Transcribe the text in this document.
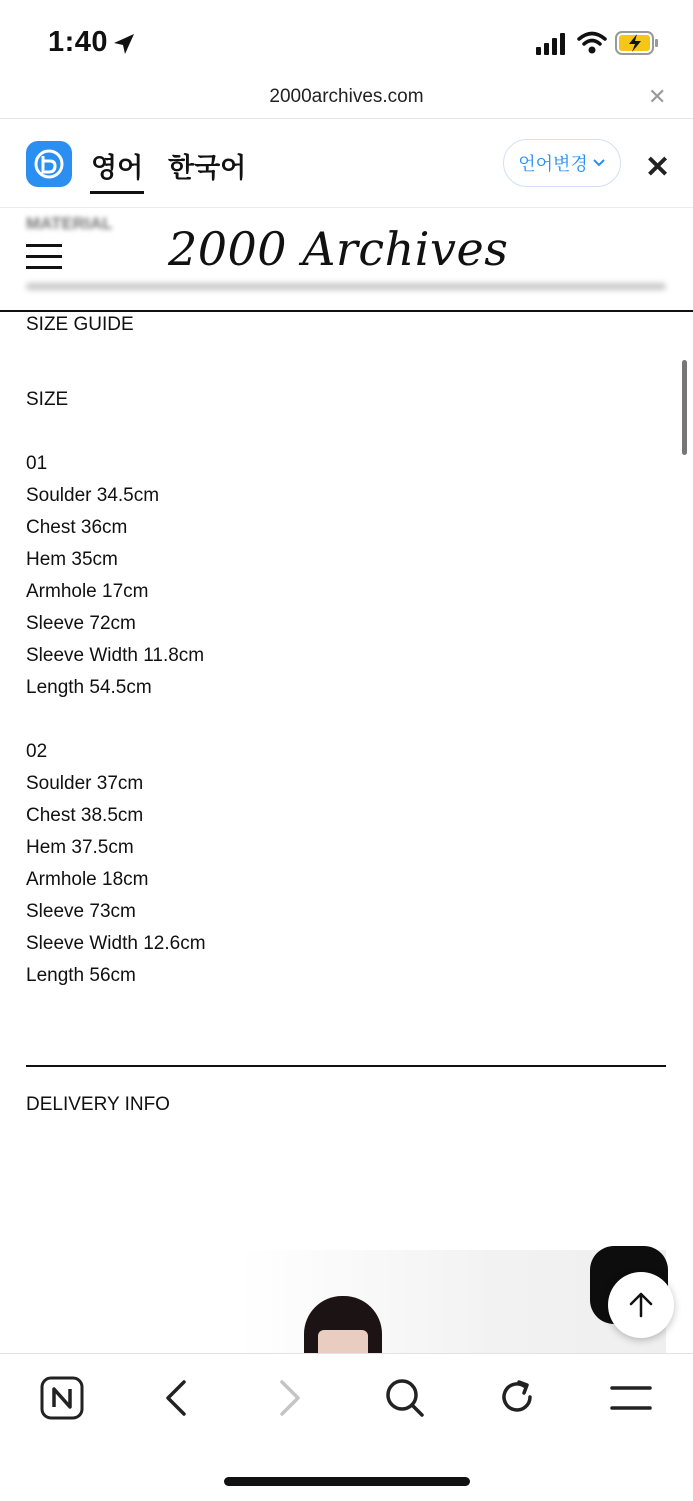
1:40
2000archives.com	✕
영어 한국어	언어변경 ✕
MATERIAL 2000 Archives
SIZE GUIDE
SIZE
01
Soulder 34.5cm
Chest 36cm
Hem 35cm
Armhole 17cm
Sleeve 72cm
Sleeve Width 11.8cm
Length 54.5cm
02
Soulder 37cm
Chest 38.5cm
Hem 37.5cm
Armhole 18cm
Sleeve 73cm
Sleeve Width 12.6cm
Length 56cm
DELIVERY INFO
